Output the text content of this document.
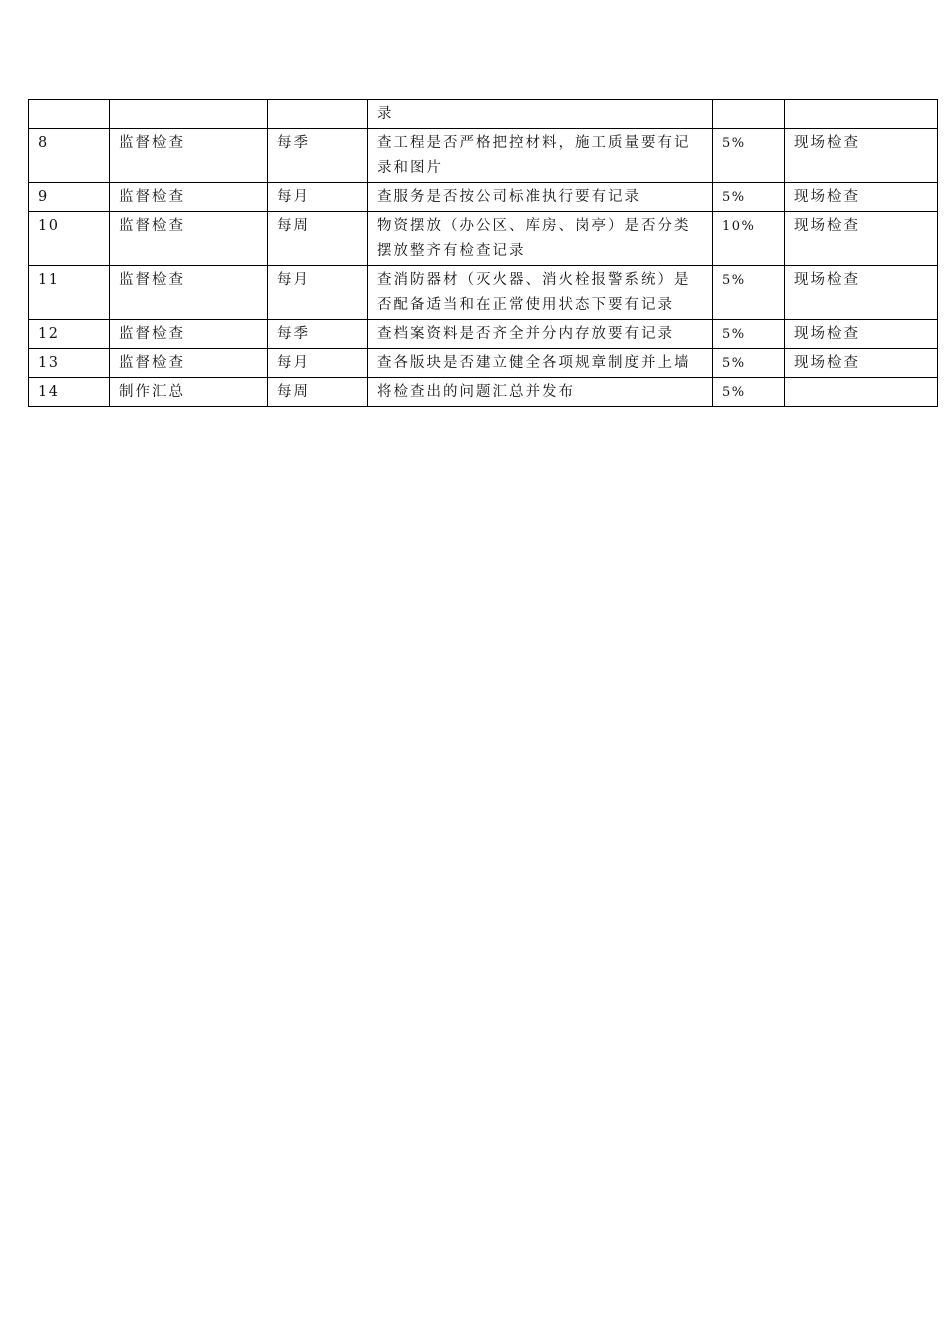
			录		
8	监督检查	每季	查工程是否严格把控材料，施工质量要有记录和图片	5%	现场检查
9	监督检查	每月	查服务是否按公司标准执行要有记录	5%	现场检查
10	监督检查	每周	物资摆放（办公区、库房、岗亭）是否分类摆放整齐有检查记录	10%	现场检查
11	监督检查	每月	查消防器材（灭火器、消火栓报警系统）是否配备适当和在正常使用状态下要有记录	5%	现场检查
12	监督检查	每季	查档案资料是否齐全并分内存放要有记录	5%	现场检查
13	监督检查	每月	查各版块是否建立健全各项规章制度并上墙	5%	现场检查
14	制作汇总	每周	将检查出的问题汇总并发布	5%	
